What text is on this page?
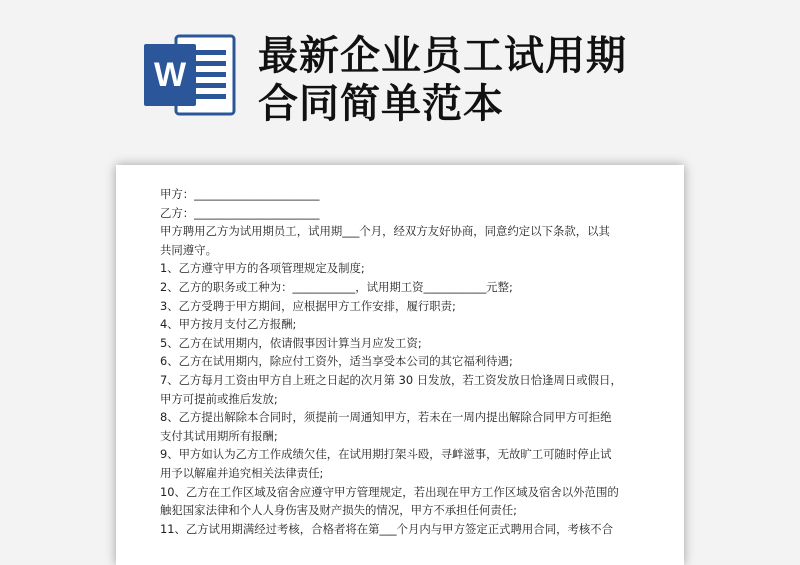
W 最新企业员工试用期
合同简单范本
甲方：______________________
乙方：______________________
甲方聘用乙方为试用期员工，试用期___个月，经双方友好协商，同意约定以下条款，以其
共同遵守。
1、乙方遵守甲方的各项管理规定及制度;
2、乙方的职务或工种为：___________，试用期工资___________元整;
3、乙方受聘于甲方期间，应根据甲方工作安排，履行职责;
4、甲方按月支付乙方报酬;
5、乙方在试用期内，依请假事因计算当月应发工资;
6、乙方在试用期内，除应付工资外，适当享受本公司的其它福利待遇;
7、乙方每月工资由甲方自上班之日起的次月第 30 日发放，若工资发放日恰逢周日或假日，
甲方可提前或推后发放;
8、乙方提出解除本合同时，须提前一周通知甲方，若未在一周内提出解除合同甲方可拒绝
支付其试用期所有报酬;
9、甲方如认为乙方工作成绩欠佳，在试用期打架斗殴，寻衅滋事，无故旷工可随时停止试
用予以解雇并追究相关法律责任;
10、乙方在工作区域及宿舍应遵守甲方管理规定，若出现在甲方工作区域及宿舍以外范围的
触犯国家法律和个人人身伤害及财产损失的情况，甲方不承担任何责任;
11、乙方试用期满经过考核，合格者将在第___个月内与甲方签定正式聘用合同，考核不合
